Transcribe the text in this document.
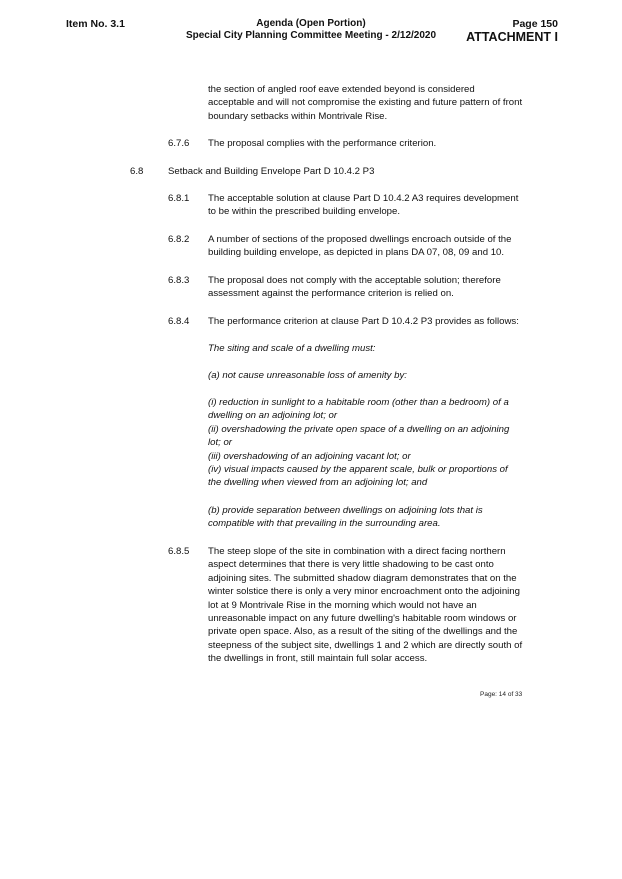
Item No. 3.1	Agenda (Open Portion)
Special City Planning Committee Meeting - 2/12/2020
Page 150
ATTACHMENT I
the section of angled roof eave extended beyond is considered
acceptable and will not compromise the existing and future pattern of front
boundary setbacks within Montrivale Rise.
6.7.6 The proposal complies with the performance criterion.
6.8	Setback and Building Envelope Part D 10.4.2 P3
6.8.1 The acceptable solution at clause Part D 10.4.2 A3 requires development
to be within the prescribed building envelope.
6.8.2 A number of sections of the proposed dwellings encroach outside of the
building building envelope, as depicted in plans DA 07, 08, 09 and 10.
6.8.3 The proposal does not comply with the acceptable solution; therefore
assessment against the performance criterion is relied on.
6.8.4 The performance criterion at clause Part D 10.4.2 P3 provides as follows:
The siting and scale of a dwelling must:
(a) not cause unreasonable loss of amenity by:
(i) reduction in sunlight to a habitable room (other than a bedroom) of a
dwelling on an adjoining lot; or
(ii) overshadowing the private open space of a dwelling on an adjoining
lot; or
(iii) overshadowing of an adjoining vacant lot; or
(iv) visual impacts caused by the apparent scale, bulk or proportions of
the dwelling when viewed from an adjoining lot; and
(b) provide separation between dwellings on adjoining lots that is
compatible with that prevailing in the surrounding area.
6.8.5 The steep slope of the site in combination with a direct facing northern
aspect determines that there is very little shadowing to be cast onto
adjoining sites. The submitted shadow diagram demonstrates that on the
winter solstice there is only a very minor encroachment onto the adjoining
lot at 9 Montrivale Rise in the morning which would not have an
unreasonable impact on any future dwelling's habitable room windows or
private open space. Also, as a result of the siting of the dwellings and the
steepness of the subject site, dwellings 1 and 2 which are directly south of
the dwellings in front, still maintain full solar access.
Page: 14 of 33
